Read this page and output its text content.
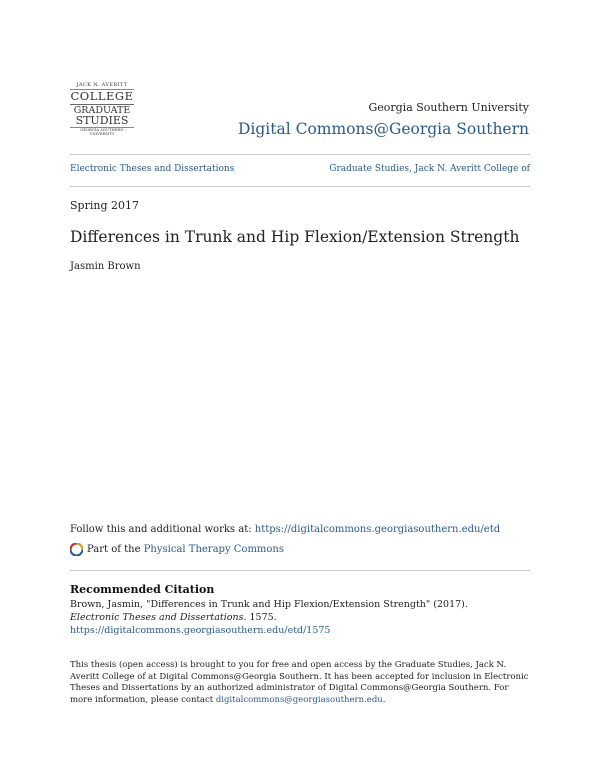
JACK N. AVERITT
COLLEGE
GRADUATE
STUDIES
GEORGIA SOUTHERN UNIVERSITY
Georgia Southern University
Digital Commons@Georgia Southern
Electronic Theses and Dissertations	Graduate Studies, Jack N. Averitt College of
Spring 2017
Differences in Trunk and Hip Flexion/Extension Strength
Jasmin Brown
Follow this and additional works at: https://digitalcommons.georgiasouthern.edu/etd
Part of the Physical Therapy Commons
Recommended Citation
Brown, Jasmin, "Differences in Trunk and Hip Flexion/Extension Strength" (2017).
Electronic Theses and Dissertations. 1575.
https://digitalcommons.georgiasouthern.edu/etd/1575
This thesis (open access) is brought to you for free and open access by the Graduate Studies, Jack N. Averitt College of at Digital Commons@Georgia Southern. It has been accepted for inclusion in Electronic Theses and Dissertations by an authorized administrator of Digital Commons@Georgia Southern. For more information, please contact digitalcommons@georgiasouthern.edu.
